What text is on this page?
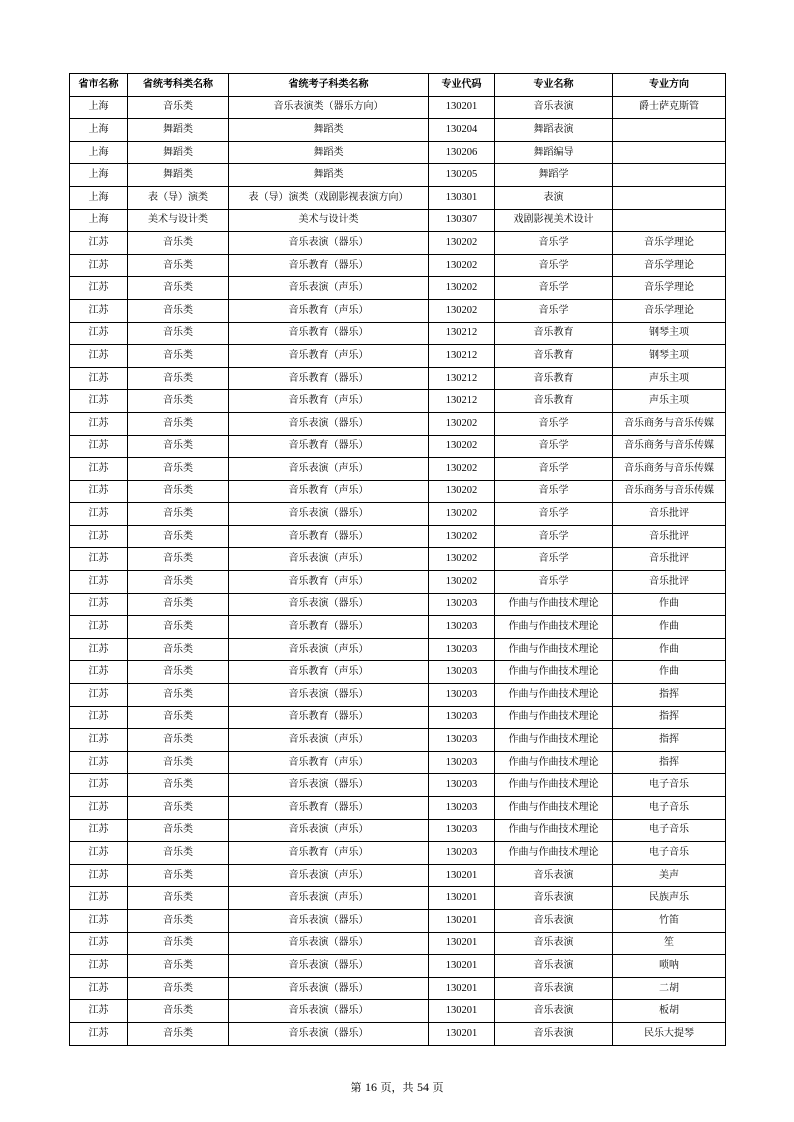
省市名称	省统考科类名称	省统考子科类名称	专业代码	专业名称	专业方向
上海	音乐类	音乐表演类（器乐方向）	130201	音乐表演	爵士萨克斯管
上海	舞蹈类	舞蹈类	130204	舞蹈表演	
上海	舞蹈类	舞蹈类	130206	舞蹈编导	
上海	舞蹈类	舞蹈类	130205	舞蹈学	
上海	表（导）演类	表（导）演类（戏剧影视表演方向）	130301	表演	
上海	美术与设计类	美术与设计类	130307	戏剧影视美术设计	
江苏	音乐类	音乐表演（器乐）	130202	音乐学	音乐学理论
江苏	音乐类	音乐教育（器乐）	130202	音乐学	音乐学理论
江苏	音乐类	音乐表演（声乐）	130202	音乐学	音乐学理论
江苏	音乐类	音乐教育（声乐）	130202	音乐学	音乐学理论
江苏	音乐类	音乐教育（器乐）	130212	音乐教育	钢琴主项
江苏	音乐类	音乐教育（声乐）	130212	音乐教育	钢琴主项
江苏	音乐类	音乐教育（器乐）	130212	音乐教育	声乐主项
江苏	音乐类	音乐教育（声乐）	130212	音乐教育	声乐主项
江苏	音乐类	音乐表演（器乐）	130202	音乐学	音乐商务与音乐传媒
江苏	音乐类	音乐教育（器乐）	130202	音乐学	音乐商务与音乐传媒
江苏	音乐类	音乐表演（声乐）	130202	音乐学	音乐商务与音乐传媒
江苏	音乐类	音乐教育（声乐）	130202	音乐学	音乐商务与音乐传媒
江苏	音乐类	音乐表演（器乐）	130202	音乐学	音乐批评
江苏	音乐类	音乐教育（器乐）	130202	音乐学	音乐批评
江苏	音乐类	音乐表演（声乐）	130202	音乐学	音乐批评
江苏	音乐类	音乐教育（声乐）	130202	音乐学	音乐批评
江苏	音乐类	音乐表演（器乐）	130203	作曲与作曲技术理论	作曲
江苏	音乐类	音乐教育（器乐）	130203	作曲与作曲技术理论	作曲
江苏	音乐类	音乐表演（声乐）	130203	作曲与作曲技术理论	作曲
江苏	音乐类	音乐教育（声乐）	130203	作曲与作曲技术理论	作曲
江苏	音乐类	音乐表演（器乐）	130203	作曲与作曲技术理论	指挥
江苏	音乐类	音乐教育（器乐）	130203	作曲与作曲技术理论	指挥
江苏	音乐类	音乐表演（声乐）	130203	作曲与作曲技术理论	指挥
江苏	音乐类	音乐教育（声乐）	130203	作曲与作曲技术理论	指挥
江苏	音乐类	音乐表演（器乐）	130203	作曲与作曲技术理论	电子音乐
江苏	音乐类	音乐教育（器乐）	130203	作曲与作曲技术理论	电子音乐
江苏	音乐类	音乐表演（声乐）	130203	作曲与作曲技术理论	电子音乐
江苏	音乐类	音乐教育（声乐）	130203	作曲与作曲技术理论	电子音乐
江苏	音乐类	音乐表演（声乐）	130201	音乐表演	美声
江苏	音乐类	音乐表演（声乐）	130201	音乐表演	民族声乐
江苏	音乐类	音乐表演（器乐）	130201	音乐表演	竹笛
江苏	音乐类	音乐表演（器乐）	130201	音乐表演	笙
江苏	音乐类	音乐表演（器乐）	130201	音乐表演	唢呐
江苏	音乐类	音乐表演（器乐）	130201	音乐表演	二胡
江苏	音乐类	音乐表演（器乐）	130201	音乐表演	板胡
江苏	音乐类	音乐表演（器乐）	130201	音乐表演	民乐大提琴
第 16 页，共 54 页
